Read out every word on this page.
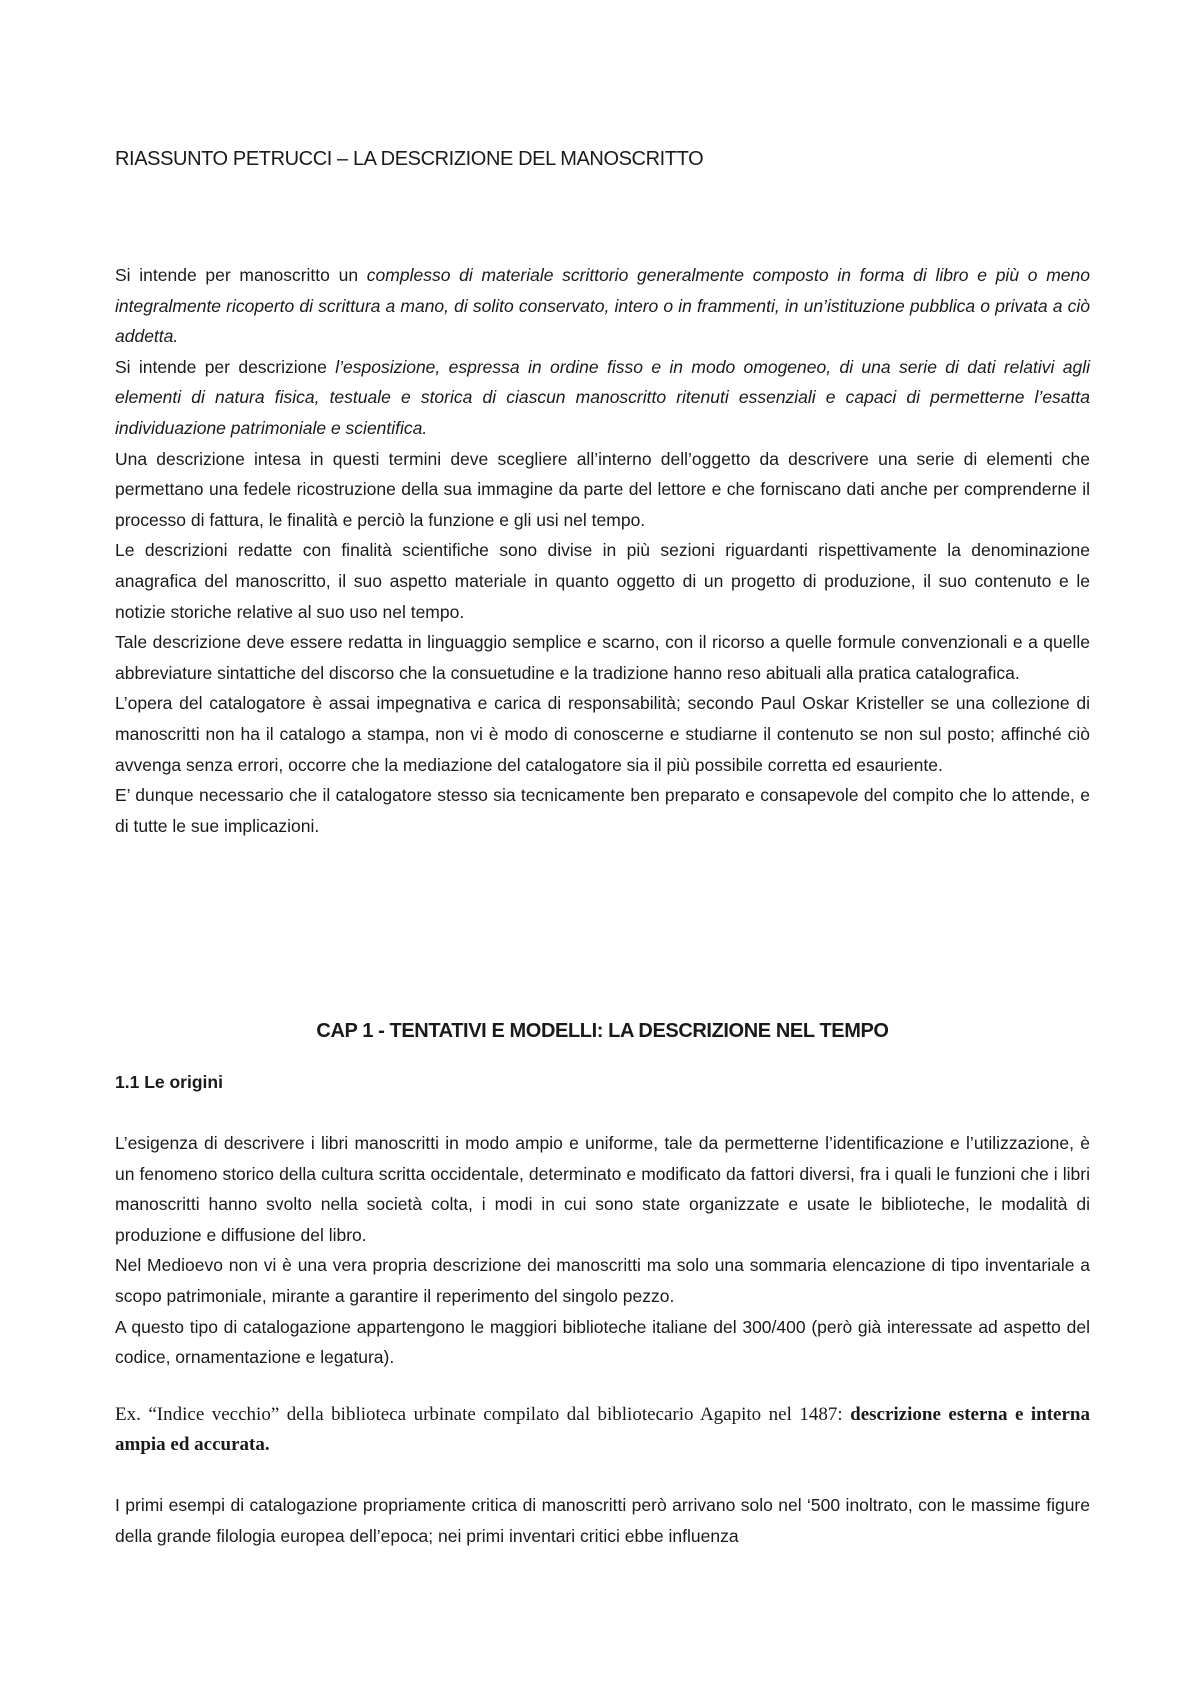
RIASSUNTO PETRUCCI – LA DESCRIZIONE DEL MANOSCRITTO

Si intende per manoscritto un complesso di materiale scrittorio generalmente composto in forma di libro e più o meno integralmente ricoperto di scrittura a mano, di solito conservato, intero o in frammenti, in un’istituzione pubblica o privata a ciò addetta.

Si intende per descrizione l’esposizione, espressa in ordine fisso e in modo omogeneo, di una serie di dati relativi agli elementi di natura fisica, testuale e storica di ciascun manoscritto ritenuti essenziali e capaci di permetterne l’esatta individuazione patrimoniale e scientifica.

Una descrizione intesa in questi termini deve scegliere all’interno dell’oggetto da descrivere una serie di elementi che permettano una fedele ricostruzione della sua immagine da parte del lettore e che forniscano dati anche per comprenderne il processo di fattura, le finalità e perciò la funzione e gli usi nel tempo.

Le descrizioni redatte con finalità scientifiche sono divise in più sezioni riguardanti rispettivamente la denominazione anagrafica del manoscritto, il suo aspetto materiale in quanto oggetto di un progetto di produzione, il suo contenuto e le notizie storiche relative al suo uso nel tempo.

Tale descrizione deve essere redatta in linguaggio semplice e scarno, con il ricorso a quelle formule convenzionali e a quelle abbreviature sintattiche del discorso che la consuetudine e la tradizione hanno reso abituali alla pratica catalografica.

L’opera del catalogatore è assai impegnativa e carica di responsabilità; secondo Paul Oskar Kristeller se una collezione di manoscritti non ha il catalogo a stampa, non vi è modo di conoscerne e studiarne il contenuto se non sul posto; affinché ciò avvenga senza errori, occorre che la mediazione del catalogatore sia il più possibile corretta ed esauriente.

E’ dunque necessario che il catalogatore stesso sia tecnicamente ben preparato e consapevole del compito che lo attende, e di tutte le sue implicazioni.

CAP 1 - TENTATIVI E MODELLI: LA DESCRIZIONE NEL TEMPO
1.1 Le origini

L’esigenza di descrivere i libri manoscritti in modo ampio e uniforme, tale da permetterne l’identificazione e l’utilizzazione, è un fenomeno storico della cultura scritta occidentale, determinato e modificato da fattori diversi, fra i quali le funzioni che i libri manoscritti hanno svolto nella società colta, i modi in cui sono state organizzate e usate le biblioteche, le modalità di produzione e diffusione del libro.

Nel Medioevo non vi è una vera propria descrizione dei manoscritti ma solo una sommaria elencazione di tipo inventariale a scopo patrimoniale, mirante a garantire il reperimento del singolo pezzo.

A questo tipo di catalogazione appartengono le maggiori biblioteche italiane del 300/400 (però già interessate ad aspetto del codice, ornamentazione e legatura).

Ex. “Indice vecchio” della biblioteca urbinate compilato dal bibliotecario Agapito nel 1487: descrizione esterna e interna ampia ed accurata.

I primi esempi di catalogazione propriamente critica di manoscritti però arrivano solo nel ‘500 inoltrato, con le massime figure della grande filologia europea dell’epoca; nei primi inventari critici ebbe influenza
